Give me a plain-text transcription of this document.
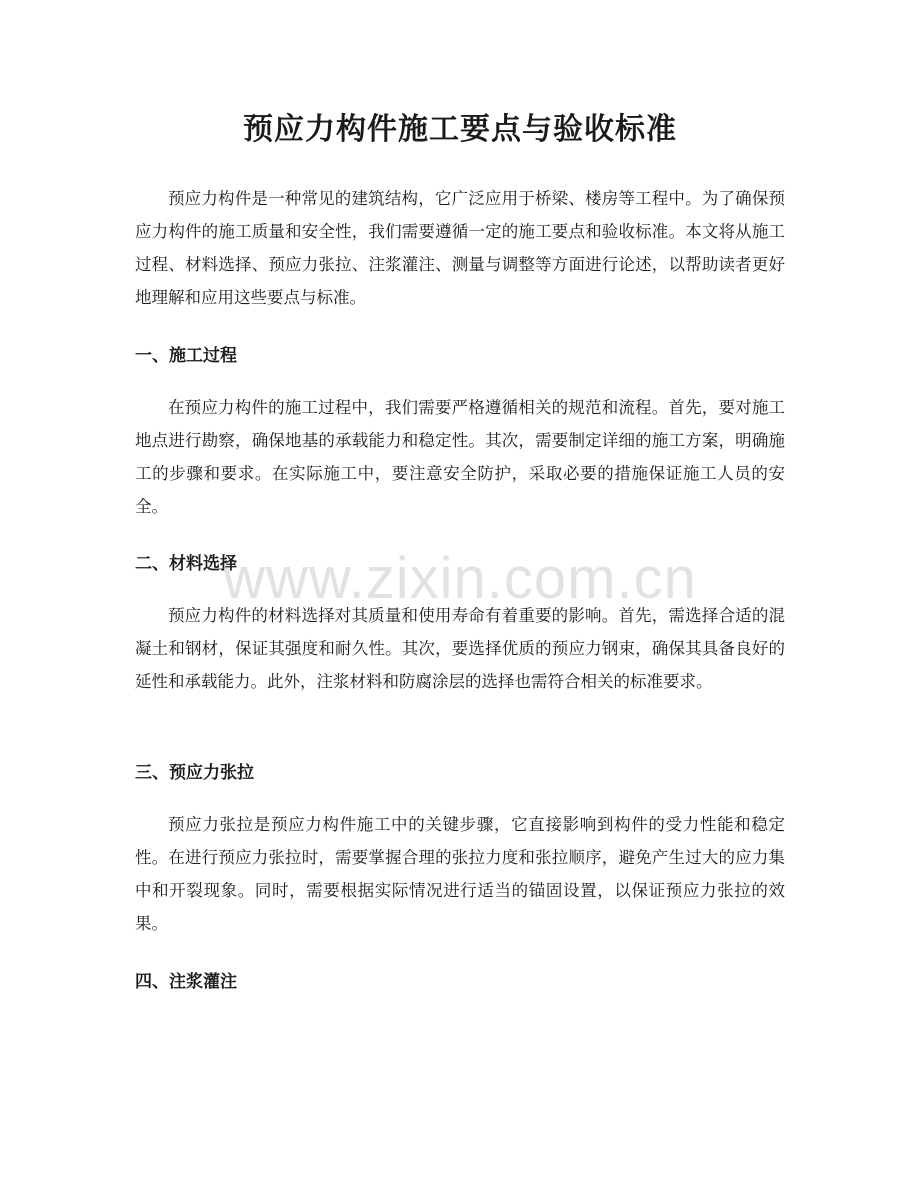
预应力构件施工要点与验收标准

预应力构件是一种常见的建筑结构，它广泛应用于桥梁、楼房等工程中。为了确保预应力构件的施工质量和安全性，我们需要遵循一定的施工要点和验收标准。本文将从施工过程、材料选择、预应力张拉、注浆灌注、测量与调整等方面进行论述，以帮助读者更好地理解和应用这些要点与标准。

一、施工过程

在预应力构件的施工过程中，我们需要严格遵循相关的规范和流程。首先，要对施工地点进行勘察，确保地基的承载能力和稳定性。其次，需要制定详细的施工方案，明确施工的步骤和要求。在实际施工中，要注意安全防护，采取必要的措施保证施工人员的安全。

二、材料选择

预应力构件的材料选择对其质量和使用寿命有着重要的影响。首先，需选择合适的混凝土和钢材，保证其强度和耐久性。其次，要选择优质的预应力钢束，确保其具备良好的延性和承载能力。此外，注浆材料和防腐涂层的选择也需符合相关的标准要求。

三、预应力张拉

预应力张拉是预应力构件施工中的关键步骤，它直接影响到构件的受力性能和稳定性。在进行预应力张拉时，需要掌握合理的张拉力度和张拉顺序，避免产生过大的应力集中和开裂现象。同时，需要根据实际情况进行适当的锚固设置，以保证预应力张拉的效果。

四、注浆灌注
www.zixin.com.cn
